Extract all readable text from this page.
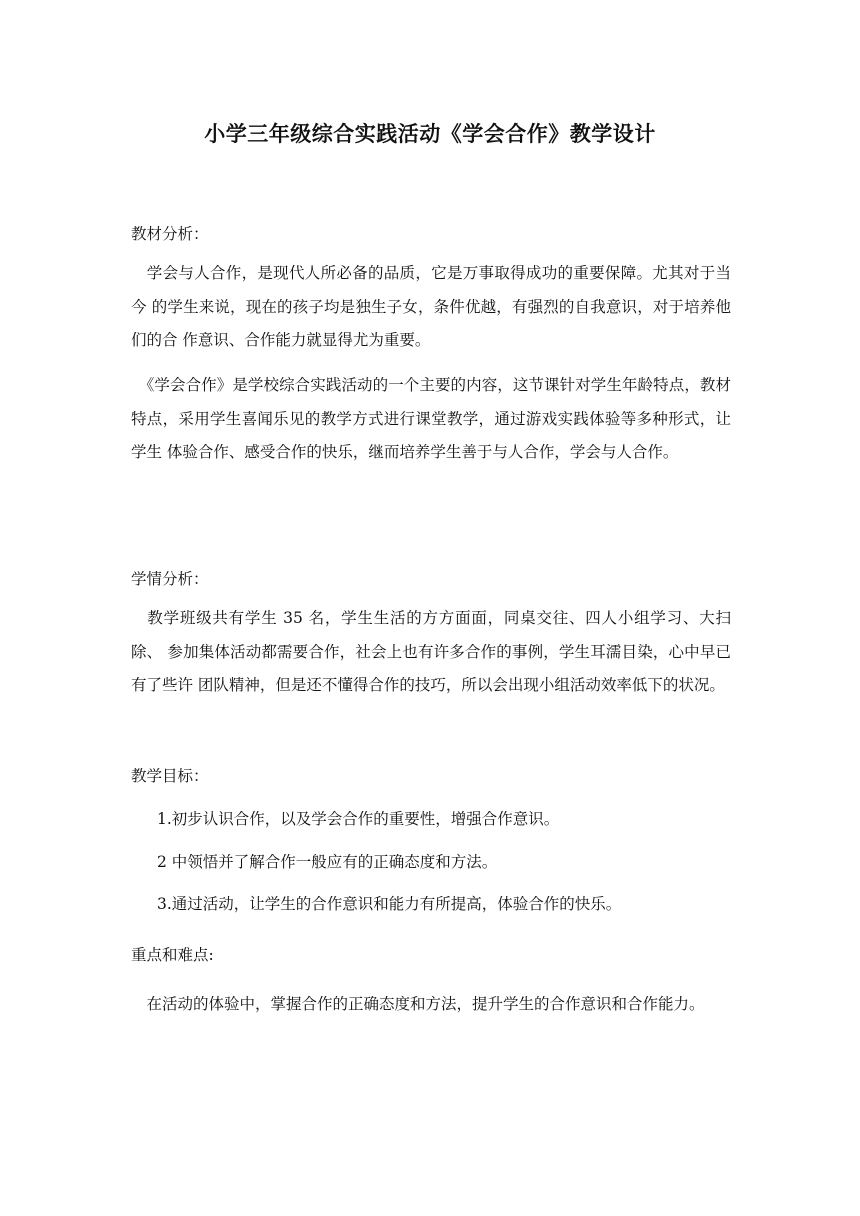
小学三年级综合实践活动《学会合作》教学设计
教材分析：
　学会与人合作，是现代人所必备的品质，它是万事取得成功的重要保障。尤其对于当今 的学生来说，现在的孩子均是独生子女，条件优越，有强烈的自我意识，对于培养他们的合 作意识、合作能力就显得尤为重要。
　《学会合作》是学校综合实践活动的一个主要的内容，这节课针对学生年龄特点，教材 特点，采用学生喜闻乐见的教学方式进行课堂教学，通过游戏实践体验等多种形式，让学生 体验合作、感受合作的快乐，继而培养学生善于与人合作，学会与人合作。
学情分析：
　教学班级共有学生 35 名，学生生活的方方面面，同桌交往、四人小组学习、大扫除、 参加集体活动都需要合作，社会上也有许多合作的事例，学生耳濡目染，心中早已有了些许 团队精神，但是还不懂得合作的技巧，所以会出现小组活动效率低下的状况。
教学目标：
1.初步认识合作，以及学会合作的重要性，增强合作意识。
2 中领悟并了解合作一般应有的正确态度和方法。
3.通过活动，让学生的合作意识和能力有所提高，体验合作的快乐。
重点和难点:
　在活动的体验中，掌握合作的正确态度和方法，提升学生的合作意识和合作能力。
